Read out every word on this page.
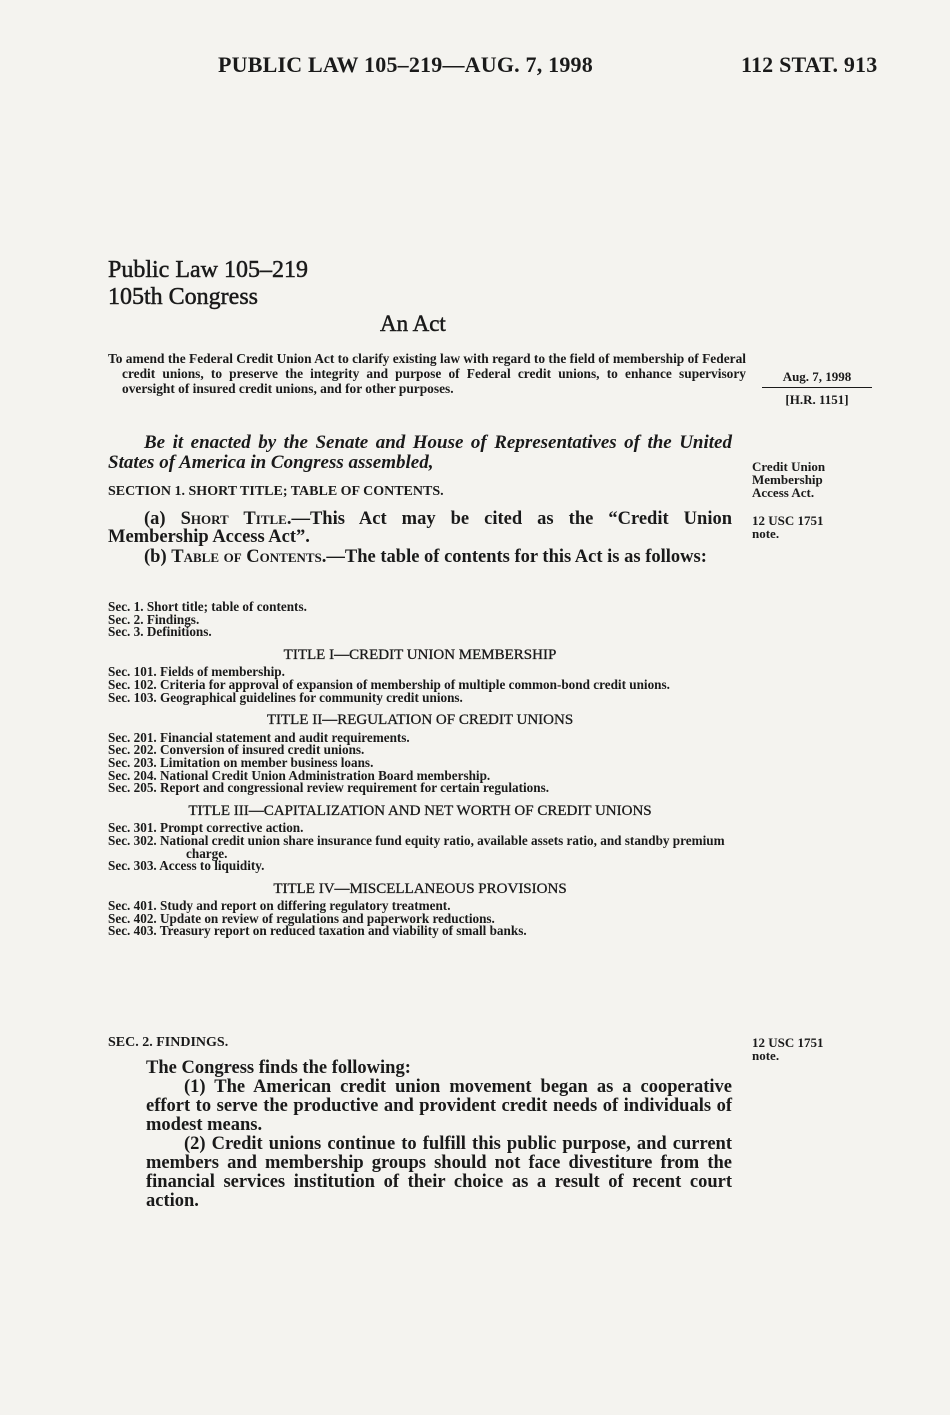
PUBLIC LAW 105–219—AUG. 7, 1998	112 STAT. 913
Public Law 105–219
105th Congress
An Act
To amend the Federal Credit Union Act to clarify existing law with regard to the field of membership of Federal credit unions, to preserve the integrity and purpose of Federal credit unions, to enhance supervisory oversight of insured credit unions, and for other purposes.
Aug. 7, 1998
[H.R. 1151]
Be it enacted by the Senate and House of Representatives of the United States of America in Congress assembled,	Credit Union
Membership
Access Act.
SECTION 1. SHORT TITLE; TABLE OF CONTENTS.
(a) Short Title.—This Act may be cited as the “Credit Union Membership Access Act”.
12 USC 1751
note.
(b) Table of Contents.—The table of contents for this Act is as follows:
Sec. 1. Short title; table of contents.
Sec. 2. Findings.
Sec. 3. Definitions.
TITLE I—CREDIT UNION MEMBERSHIP
Sec. 101. Fields of membership.
Sec. 102. Criteria for approval of expansion of membership of multiple common-bond credit unions.
Sec. 103. Geographical guidelines for community credit unions.
TITLE II—REGULATION OF CREDIT UNIONS
Sec. 201. Financial statement and audit requirements.
Sec. 202. Conversion of insured credit unions.
Sec. 203. Limitation on member business loans.
Sec. 204. National Credit Union Administration Board membership.
Sec. 205. Report and congressional review requirement for certain regulations.
TITLE III—CAPITALIZATION AND NET WORTH OF CREDIT UNIONS
Sec. 301. Prompt corrective action.
Sec. 302. National credit union share insurance fund equity ratio, available assets ratio, and standby premium charge.
Sec. 303. Access to liquidity.
TITLE IV—MISCELLANEOUS PROVISIONS
Sec. 401. Study and report on differing regulatory treatment.
Sec. 402. Update on review of regulations and paperwork reductions.
Sec. 403. Treasury report on reduced taxation and viability of small banks.
SEC. 2. FINDINGS.	12 USC 1751
note.

The Congress finds the following:

(1) The American credit union movement began as a cooperative effort to serve the productive and provident credit needs of individuals of modest means.

(2) Credit unions continue to fulfill this public purpose, and current members and membership groups should not face divestiture from the financial services institution of their choice as a result of recent court action.
